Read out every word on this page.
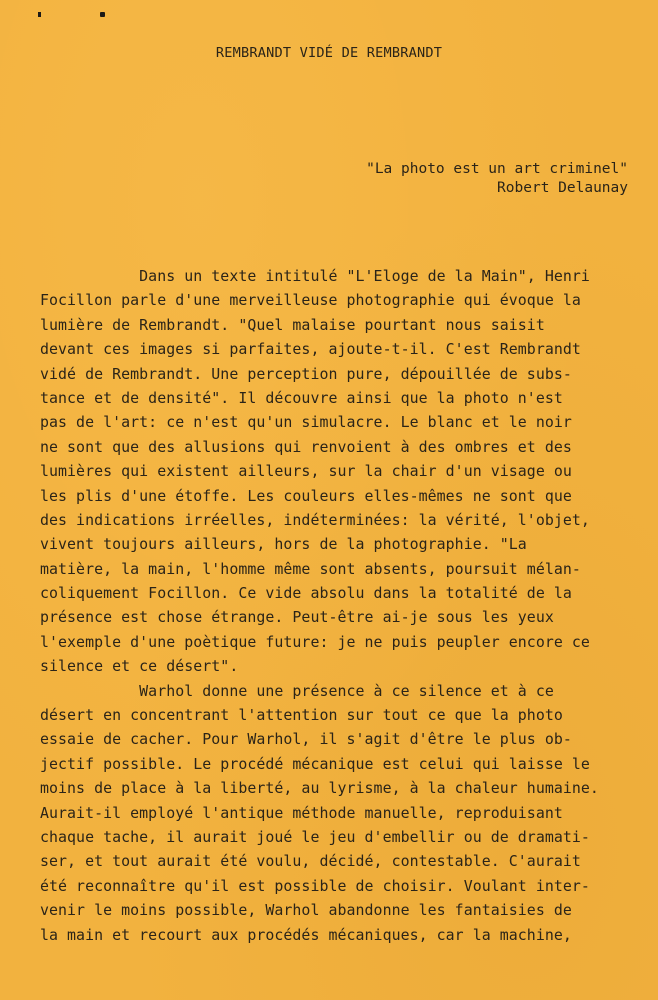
REMBRANDT VIDÉ DE REMBRANDT
"La photo est un art criminel"
Robert Delaunay
Dans un texte intitulé "L'Eloge de la Main", Henri
Focillon parle d'une merveilleuse photographie qui évoque la
lumière de Rembrandt. "Quel malaise pourtant nous saisit
devant ces images si parfaites, ajoute-t-il. C'est Rembrandt
vidé de Rembrandt. Une perception pure, dépouillée de subs-
tance et de densité". Il découvre ainsi que la photo n'est
pas de l'art: ce n'est qu'un simulacre. Le blanc et le noir
ne sont que des allusions qui renvoient à des ombres et des
lumières qui existent ailleurs, sur la chair d'un visage ou
les plis d'une étoffe. Les couleurs elles-mêmes ne sont que
des indications irréelles, indéterminées: la vérité, l'objet,
vivent toujours ailleurs, hors de la photographie. "La
matière, la main, l'homme même sont absents, poursuit mélan-
coliquement Focillon. Ce vide absolu dans la totalité de la
présence est chose étrange. Peut-être ai-je sous les yeux
l'exemple d'une poètique future: je ne puis peupler encore ce
silence et ce désert".
Warhol donne une présence à ce silence et à ce
désert en concentrant l'attention sur tout ce que la photo
essaie de cacher. Pour Warhol, il s'agit d'être le plus ob-
jectif possible. Le procédé mécanique est celui qui laisse le
moins de place à la liberté, au lyrisme, à la chaleur humaine.
Aurait-il employé l'antique méthode manuelle, reproduisant
chaque tache, il aurait joué le jeu d'embellir ou de dramati-
ser, et tout aurait été voulu, décidé, contestable. C'aurait
été reconnaître qu'il est possible de choisir. Voulant inter-
venir le moins possible, Warhol abandonne les fantaisies de
la main et recourt aux procédés mécaniques, car la machine,
